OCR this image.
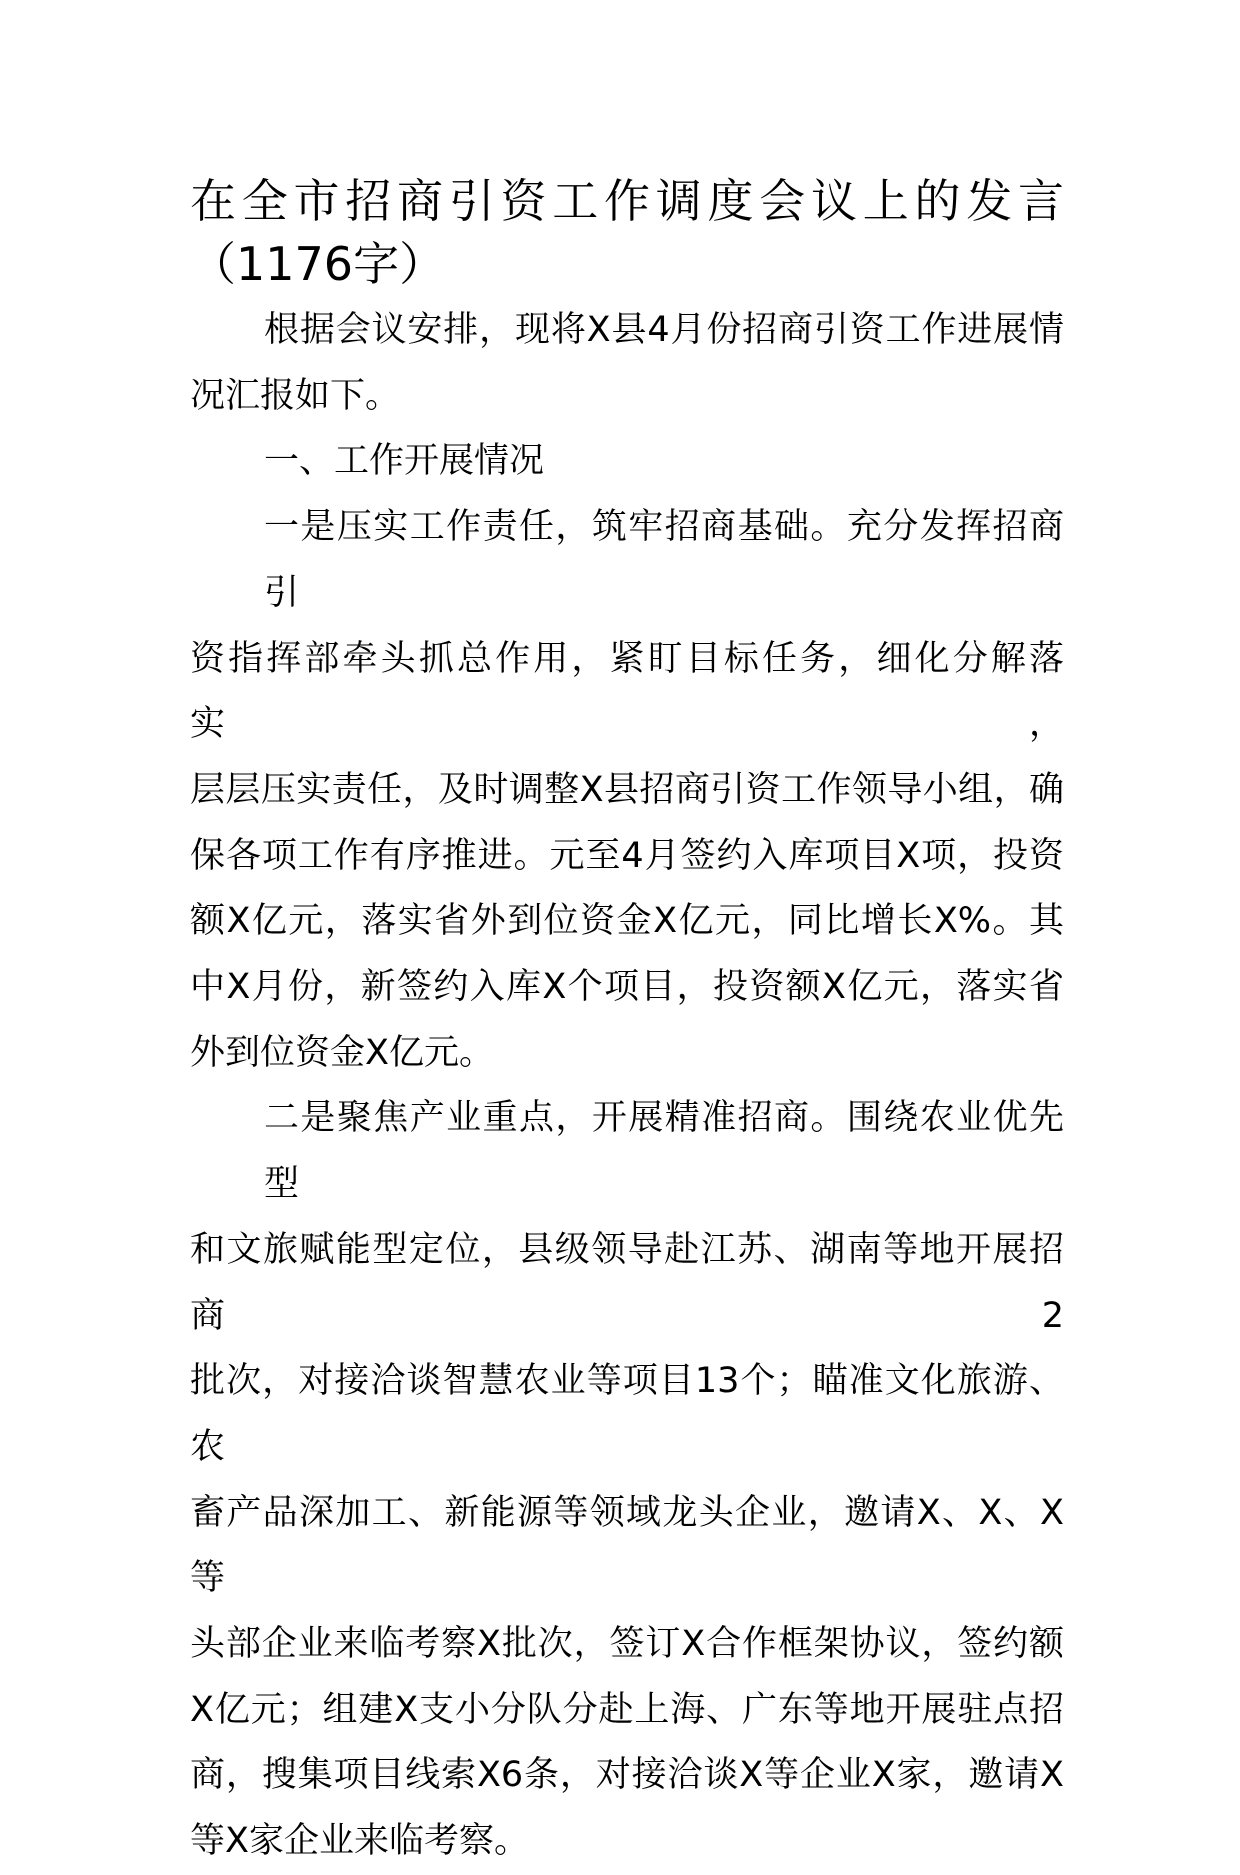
在全市招商引资工作调度会议上的发言
（1176字）
根据会议安排，现将X县4月份招商引资工作进展情
况汇报如下。
一、工作开展情况
一是压实工作责任，筑牢招商基础。充分发挥招商引
资指挥部牵头抓总作用，紧盯目标任务，细化分解落实，
层层压实责任，及时调整X县招商引资工作领导小组，确
保各项工作有序推进。元至4月签约入库项目X项，投资
额X亿元，落实省外到位资金X亿元，同比增长X%。其
中X月份，新签约入库X个项目，投资额X亿元，落实省
外到位资金X亿元。
二是聚焦产业重点，开展精准招商。围绕农业优先型
和文旅赋能型定位，县级领导赴江苏、湖南等地开展招商2
批次，对接洽谈智慧农业等项目13个；瞄准文化旅游、农
畜产品深加工、新能源等领域龙头企业，邀请X、X、X等
头部企业来临考察X批次，签订X合作框架协议，签约额
X亿元；组建X支小分队分赴上海、广东等地开展驻点招
商，搜集项目线索X6条，对接洽谈X等企业X家，邀请X
等X家企业来临考察。
